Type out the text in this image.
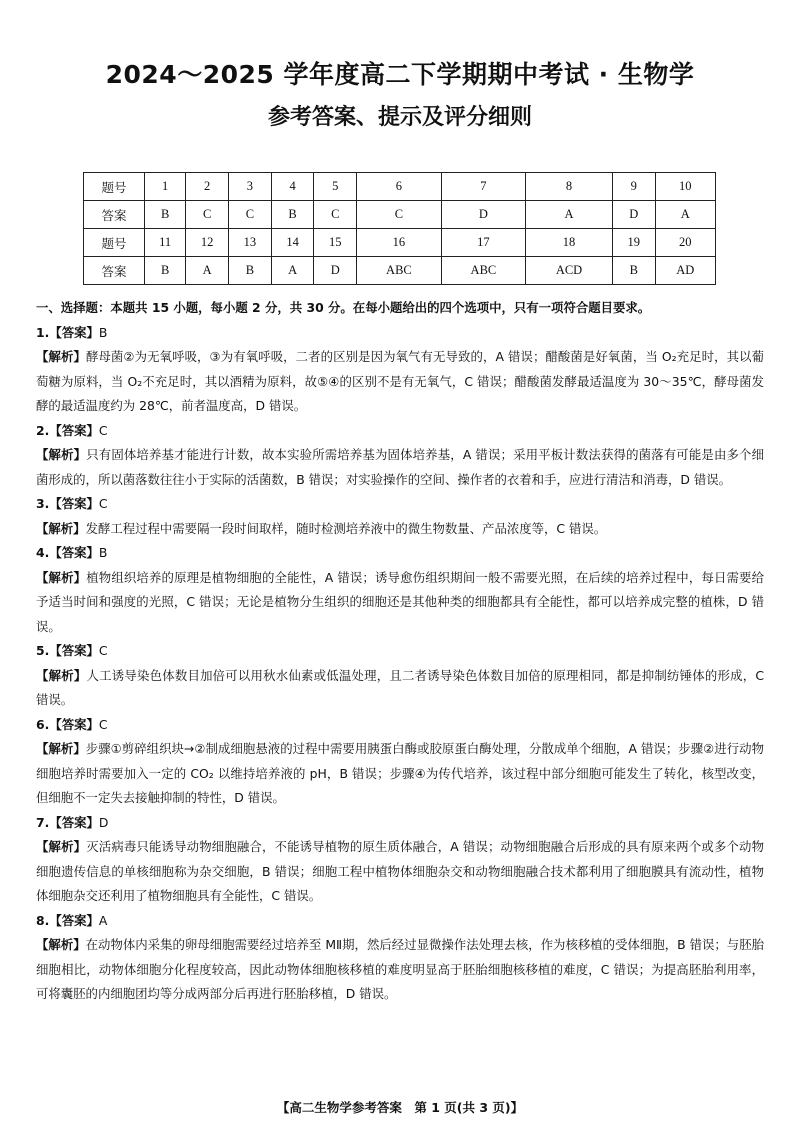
2024～2025 学年度高二下学期期中考试 · 生物学
参考答案、提示及评分细则
题号	1	2	3	4	5	6	7	8	9	10
答案	B	C	C	B	C	C	D	A	D	A
题号	11	12	13	14	15	16	17	18	19	20
答案	B	A	B	A	D	ABC	ABC	ACD	B	AD

一、选择题：本题共 15 小题，每小题 2 分，共 30 分。在每小题给出的四个选项中，只有一项符合题目要求。

1.【答案】B

【解析】酵母菌②为无氧呼吸，③为有氧呼吸，二者的区别是因为氧气有无导致的，A 错误；醋酸菌是好氧菌，当 O₂充足时，其以葡萄糖为原料，当 O₂不充足时，其以酒精为原料，故⑤④的区别不是有无氧气，C 错误；醋酸菌发酵最适温度为 30～35℃，酵母菌发酵的最适温度约为 28℃，前者温度高，D 错误。

2.【答案】C

【解析】只有固体培养基才能进行计数，故本实验所需培养基为固体培养基，A 错误；采用平板计数法获得的菌落有可能是由多个细菌形成的，所以菌落数往往小于实际的活菌数，B 错误；对实验操作的空间、操作者的衣着和手，应进行清洁和消毒，D 错误。

3.【答案】C

【解析】发酵工程过程中需要隔一段时间取样，随时检测培养液中的微生物数量、产品浓度等，C 错误。

4.【答案】B

【解析】植物组织培养的原理是植物细胞的全能性，A 错误；诱导愈伤组织期间一般不需要光照，在后续的培养过程中，每日需要给予适当时间和强度的光照，C 错误；无论是植物分生组织的细胞还是其他种类的细胞都具有全能性，都可以培养成完整的植株，D 错误。

5.【答案】C

【解析】人工诱导染色体数目加倍可以用秋水仙素或低温处理，且二者诱导染色体数目加倍的原理相同，都是抑制纺锤体的形成，C 错误。

6.【答案】C

【解析】步骤①剪碎组织块→②制成细胞悬液的过程中需要用胰蛋白酶或胶原蛋白酶处理，分散成单个细胞，A 错误；步骤②进行动物细胞培养时需要加入一定的 CO₂ 以维持培养液的 pH，B 错误；步骤④为传代培养，该过程中部分细胞可能发生了转化，核型改变，但细胞不一定失去接触抑制的特性，D 错误。

7.【答案】D

【解析】灭活病毒只能诱导动物细胞融合，不能诱导植物的原生质体融合，A 错误；动物细胞融合后形成的具有原来两个或多个动物细胞遗传信息的单核细胞称为杂交细胞，B 错误；细胞工程中植物体细胞杂交和动物细胞融合技术都利用了细胞膜具有流动性，植物体细胞杂交还利用了植物细胞具有全能性，C 错误。

8.【答案】A

【解析】在动物体内采集的卵母细胞需要经过培养至 MⅡ期，然后经过显微操作法处理去核，作为核移植的受体细胞，B 错误；与胚胎细胞相比，动物体细胞分化程度较高，因此动物体细胞核移植的难度明显高于胚胎细胞核移植的难度，C 错误；为提高胚胎利用率，可将囊胚的内细胞团均等分成两部分后再进行胚胎移植，D 错误。

【高二生物学参考答案　第 1 页(共 3 页)】
